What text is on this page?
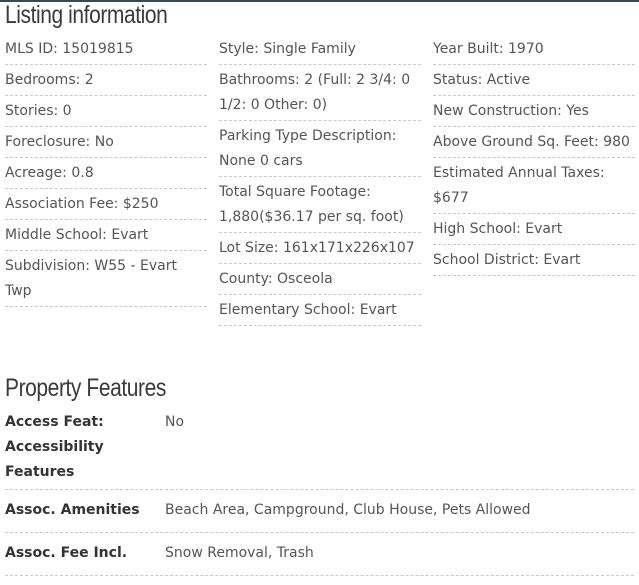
Listing information
MLS ID: 15019815
Bedrooms: 2
Stories: 0
Foreclosure: No
Acreage: 0.8
Association Fee: $250
Middle School: Evart
Subdivision: W55 - Evart Twp
Style: Single Family
Bathrooms: 2 (Full: 2 3/4: 0 1/2: 0 Other: 0)
Parking Type Description: None 0 cars
Total Square Footage: 1,880($36.17 per sq. foot)
Lot Size: 161x171x226x107
County: Osceola
Elementary School: Evart
Year Built: 1970
Status: Active
New Construction: Yes
Above Ground Sq. Feet: 980
Estimated Annual Taxes: $677
High School: Evart
School District: Evart
Property Features
Access Feat: Accessibility Features
No
Assoc. Amenities	Beach Area, Campground, Club House, Pets Allowed
Assoc. Fee Incl.	Snow Removal, Trash
